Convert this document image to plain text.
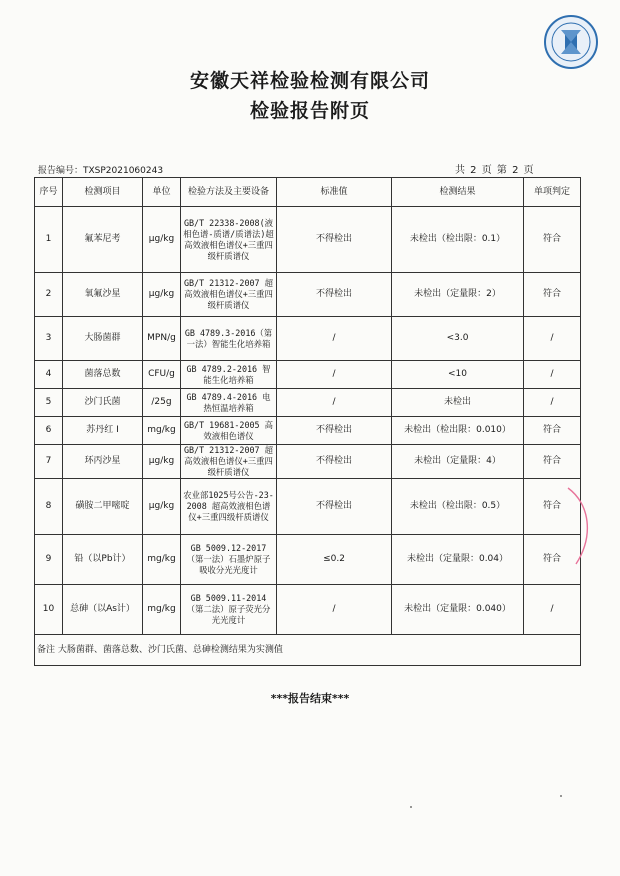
安徽天祥检验检测有限公司
检验报告附页
报告编号：TXSP2021060243	共 2 页 第 2 页
序号	检测项目	单位	检验方法及主要设备	标准值	检测结果	单项判定
1	氟苯尼考	μg/kg	GB/T 22338-2008(液相色谱-质谱/质谱法)超高效液相色谱仪+三重四级杆质谱仪	不得检出	未检出（检出限：0.1）	符合
2	氧氟沙星	μg/kg	GB/T 21312-2007 超高效液相色谱仪+三重四级杆质谱仪	不得检出	未检出（定量限：2）	符合
3	大肠菌群	MPN/g	GB 4789.3-2016（第一法）智能生化培养箱	/	<3.0	/
4	菌落总数	CFU/g	GB 4789.2-2016 智能生化培养箱	/	<10	/
5	沙门氏菌	/25g	GB 4789.4-2016 电热恒温培养箱	/	未检出	/
6	苏丹红 I	mg/kg	GB/T 19681-2005 高效液相色谱仪	不得检出	未检出（检出限：0.010）	符合
7	环丙沙星	μg/kg	GB/T 21312-2007 超高效液相色谱仪+三重四级杆质谱仪	不得检出	未检出（定量限：4）	符合
8	磺胺二甲嘧啶	μg/kg	农业部1025号公告-23-2008 超高效液相色谱仪+三重四级杆质谱仪	不得检出	未检出（检出限：0.5）	符合
9	铅（以Pb计）	mg/kg	GB 5009.12-2017（第一法）石墨炉原子吸收分光光度计	≤0.2	未检出（定量限：0.04）	符合
10	总砷（以As计）	mg/kg	GB 5009.11-2014（第二法）原子荧光分光光度计	/	未检出（定量限：0.040）	/
备注 大肠菌群、菌落总数、沙门氏菌、总砷检测结果为实测值						
***报告结束***
